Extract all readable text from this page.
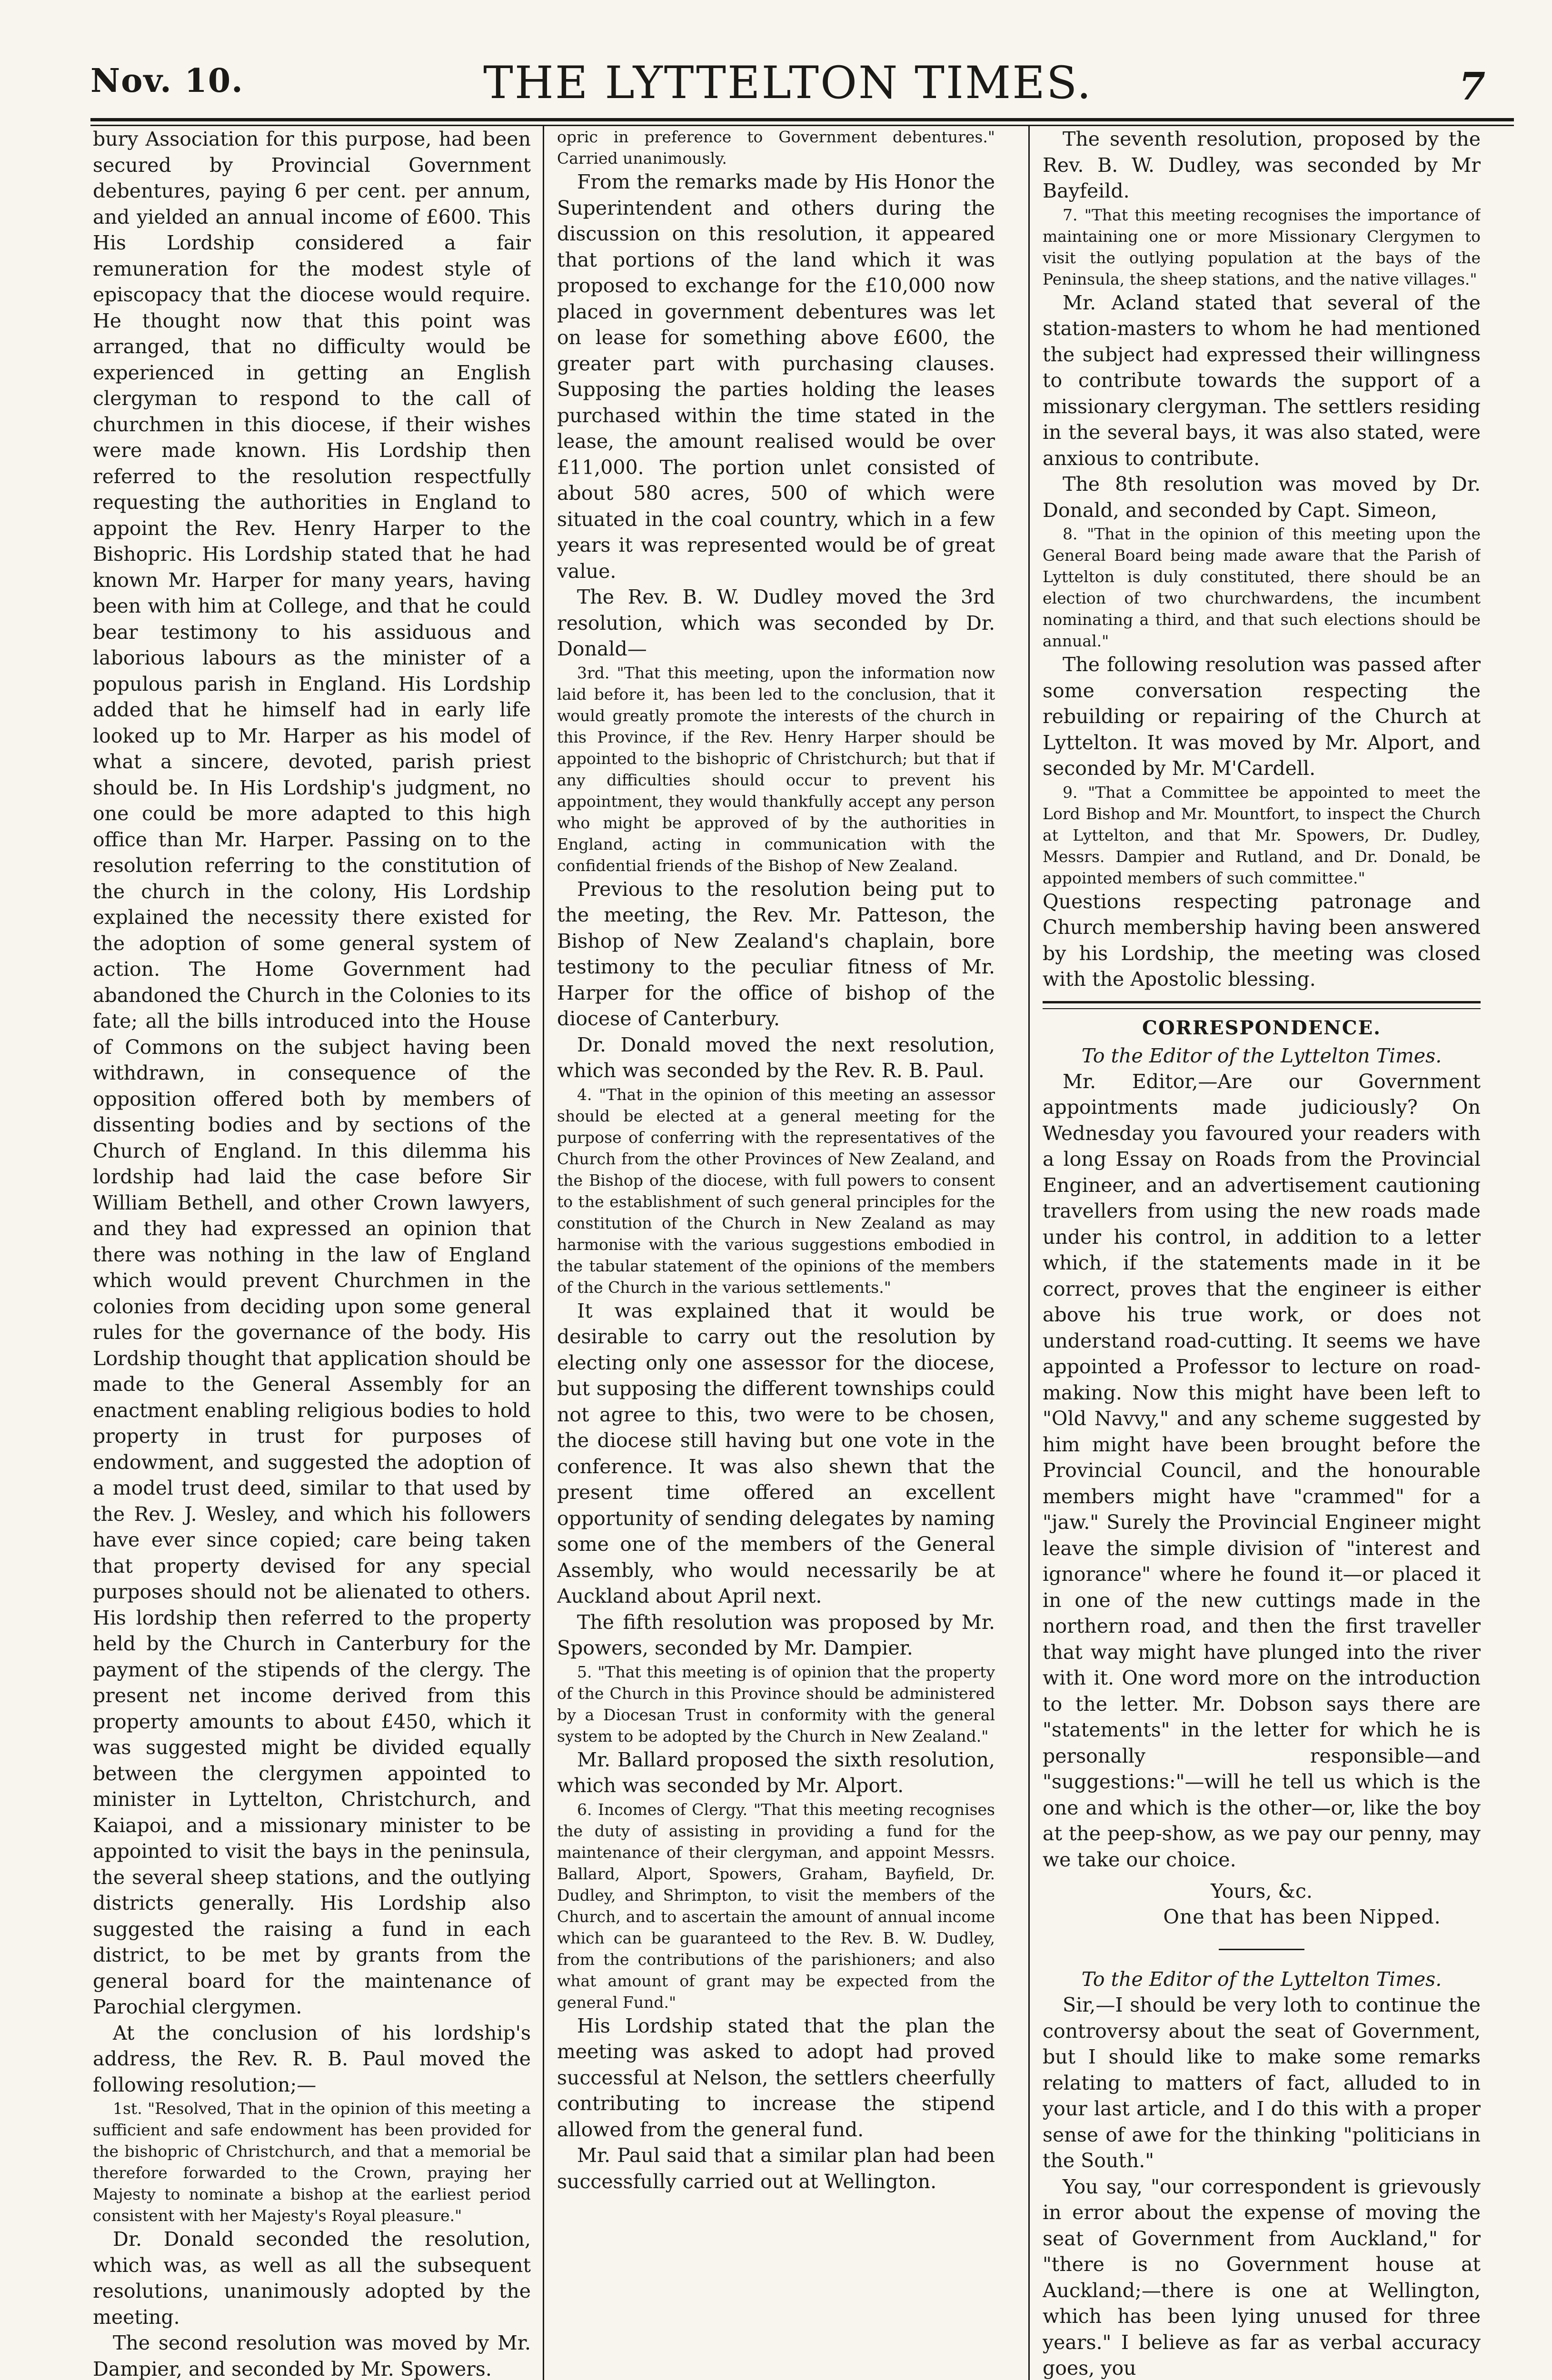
Nov. 10.	THE LYTTELTON TIMES.	7

bury Association for this purpose, had been secured by Provincial Government debentures, paying 6 per cent. per annum, and yielded an annual income of £600. This His Lordship considered a fair remuneration for the modest style of episcopacy that the diocese would require. He thought now that this point was arranged, that no difficulty would be experienced in getting an English clergyman to respond to the call of churchmen in this diocese, if their wishes were made known. His Lordship then referred to the resolution respectfully requesting the authorities in England to appoint the Rev. Henry Harper to the Bishopric. His Lordship stated that he had known Mr. Harper for many years, having been with him at College, and that he could bear testimony to his assiduous and laborious labours as the minister of a populous parish in England. His Lordship added that he himself had in early life looked up to Mr. Harper as his model of what a sincere, devoted, parish priest should be. In His Lordship's judgment, no one could be more adapted to this high office than Mr. Harper. Passing on to the resolution referring to the constitution of the church in the colony, His Lordship explained the necessity there existed for the adoption of some general system of action. The Home Government had abandoned the Church in the Colonies to its fate; all the bills introduced into the House of Commons on the subject having been withdrawn, in consequence of the opposition offered both by members of dissenting bodies and by sections of the Church of England. In this dilemma his lordship had laid the case before Sir William Bethell, and other Crown lawyers, and they had expressed an opinion that there was nothing in the law of England which would prevent Churchmen in the colonies from deciding upon some general rules for the governance of the body. His Lordship thought that application should be made to the General Assembly for an enactment enabling religious bodies to hold property in trust for purposes of endowment, and suggested the adoption of a model trust deed, similar to that used by the Rev. J. Wesley, and which his followers have ever since copied; care being taken that property devised for any special purposes should not be alienated to others. His lordship then referred to the property held by the Church in Canterbury for the payment of the stipends of the clergy. The present net income derived from this property amounts to about £450, which it was suggested might be divided equally between the clergymen appointed to minister in Lyttelton, Christchurch, and Kaiapoi, and a missionary minister to be appointed to visit the bays in the peninsula, the several sheep stations, and the outlying districts generally. His Lordship also suggested the raising a fund in each district, to be met by grants from the general board for the maintenance of Parochial clergymen.

At the conclusion of his lordship's address, the Rev. R. B. Paul moved the following resolution;—

1st. "Resolved, That in the opinion of this meeting a sufficient and safe endowment has been provided for the bishopric of Christchurch, and that a memorial be therefore forwarded to the Crown, praying her Majesty to nominate a bishop at the earliest period consistent with her Majesty's Royal pleasure."

Dr. Donald seconded the resolution, which was, as well as all the subsequent resolutions, unanimously adopted by the meeting.

The second resolution was moved by Mr. Dampier, and seconded by Mr. Spowers.

opric in preference to Government debentures." Carried unanimously.

From the remarks made by His Honor the Superintendent and others during the discussion on this resolution, it appeared that portions of the land which it was proposed to exchange for the £10,000 now placed in government debentures was let on lease for something above £600, the greater part with purchasing clauses. Supposing the parties holding the leases purchased within the time stated in the lease, the amount realised would be over £11,000. The portion unlet consisted of about 580 acres, 500 of which were situated in the coal country, which in a few years it was represented would be of great value.

The Rev. B. W. Dudley moved the 3rd resolution, which was seconded by Dr. Donald—

3rd. "That this meeting, upon the information now laid before it, has been led to the conclusion, that it would greatly promote the interests of the church in this Province, if the Rev. Henry Harper should be appointed to the bishopric of Christchurch; but that if any difficulties should occur to prevent his appointment, they would thankfully accept any person who might be approved of by the authorities in England, acting in communication with the confidential friends of the Bishop of New Zealand.

Previous to the resolution being put to the meeting, the Rev. Mr. Patteson, the Bishop of New Zealand's chaplain, bore testimony to the peculiar fitness of Mr. Harper for the office of bishop of the diocese of Canterbury.

Dr. Donald moved the next resolution, which was seconded by the Rev. R. B. Paul.

4. "That in the opinion of this meeting an assessor should be elected at a general meeting for the purpose of conferring with the representatives of the Church from the other Provinces of New Zealand, and the Bishop of the diocese, with full powers to consent to the establishment of such general principles for the constitution of the Church in New Zealand as may harmonise with the various suggestions embodied in the tabular statement of the opinions of the members of the Church in the various settlements."

It was explained that it would be desirable to carry out the resolution by electing only one assessor for the diocese, but supposing the different townships could not agree to this, two were to be chosen, the diocese still having but one vote in the conference. It was also shewn that the present time offered an excellent opportunity of sending delegates by naming some one of the members of the General Assembly, who would necessarily be at Auckland about April next.

The fifth resolution was proposed by Mr. Spowers, seconded by Mr. Dampier.

5. "That this meeting is of opinion that the property of the Church in this Province should be administered by a Diocesan Trust in conformity with the general system to be adopted by the Church in New Zealand."

Mr. Ballard proposed the sixth resolution, which was seconded by Mr. Alport.

6. Incomes of Clergy. "That this meeting recognises the duty of assisting in providing a fund for the maintenance of their clergyman, and appoint Messrs. Ballard, Alport, Spowers, Graham, Bayfield, Dr. Dudley, and Shrimpton, to visit the members of the Church, and to ascertain the amount of annual income which can be guaranteed to the Rev. B. W. Dudley, from the contributions of the parishioners; and also what amount of grant may be expected from the general Fund."

His Lordship stated that the plan the meeting was asked to adopt had proved successful at Nelson, the settlers cheerfully contributing to increase the stipend allowed from the general fund.

Mr. Paul said that a similar plan had been successfully carried out at Wellington.

The seventh resolution, proposed by the Rev. B. W. Dudley, was seconded by Mr Bayfeild.

7. "That this meeting recognises the importance of maintaining one or more Missionary Clergymen to visit the outlying population at the bays of the Peninsula, the sheep stations, and the native villages."

Mr. Acland stated that several of the station-masters to whom he had mentioned the subject had expressed their willingness to contribute towards the support of a missionary clergyman. The settlers residing in the several bays, it was also stated, were anxious to contribute.

The 8th resolution was moved by Dr. Donald, and seconded by Capt. Simeon,

8. "That in the opinion of this meeting upon the General Board being made aware that the Parish of Lyttelton is duly constituted, there should be an election of two churchwardens, the incumbent nominating a third, and that such elections should be annual."

The following resolution was passed after some conversation respecting the rebuilding or repairing of the Church at Lyttelton. It was moved by Mr. Alport, and seconded by Mr. M'Cardell.

9. "That a Committee be appointed to meet the Lord Bishop and Mr. Mountfort, to inspect the Church at Lyttelton, and that Mr. Spowers, Dr. Dudley, Messrs. Dampier and Rutland, and Dr. Donald, be appointed members of such committee."

Questions respecting patronage and Church membership having been answered by his Lordship, the meeting was closed with the Apostolic blessing.

CORRESPONDENCE.

To the Editor of the Lyttelton Times.

Mr. Editor,—Are our Government appointments made judiciously? On Wednesday you favoured your readers with a long Essay on Roads from the Provincial Engineer, and an advertisement cautioning travellers from using the new roads made under his control, in addition to a letter which, if the statements made in it be correct, proves that the engineer is either above his true work, or does not understand road-cutting. It seems we have appointed a Professor to lecture on road-making. Now this might have been left to "Old Navvy," and any scheme suggested by him might have been brought before the Provincial Council, and the honourable members might have "crammed" for a "jaw." Surely the Provincial Engineer might leave the simple division of "interest and ignorance" where he found it—or placed it in one of the new cuttings made in the northern road, and then the first traveller that way might have plunged into the river with it. One word more on the introduction to the letter. Mr. Dobson says there are "statements" in the letter for which he is personally responsible—and "suggestions:"—will he tell us which is the one and which is the other—or, like the boy at the peep-show, as we pay our penny, may we take our choice.

Yours, &c.

One that has been Nipped.

To the Editor of the Lyttelton Times.

Sir,—I should be very loth to continue the controversy about the seat of Government, but I should like to make some remarks relating to matters of fact, alluded to in your last article, and I do this with a proper sense of awe for the thinking "politicians in the South."

You say, "our correspondent is grievously in error about the expense of moving the seat of Government from Auckland," for "there is no Government house at Auckland;—there is one at Wellington, which has been lying unused for three years." I believe as far as verbal accuracy goes, you
